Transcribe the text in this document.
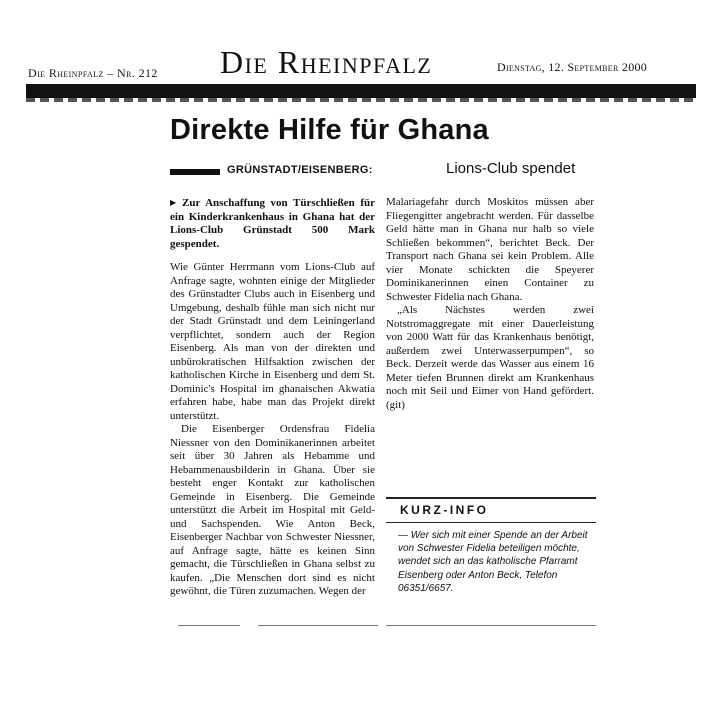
Die Rheinpfalz – Nr. 212 Die Rheinpfalz	Dienstag, 12. September 2000
Direkte Hilfe für Ghana
GRÜNSTADT/EISENBERG:	Lions-Club spendet

▶ Zur Anschaffung von Türschließen für ein Kinderkrankenhaus in Ghana hat der Lions-Club Grünstadt 500 Mark gespendet.

Wie Günter Herrmann vom Lions-Club auf Anfrage sagte, wohnten einige der Mitglieder des Grünstadter Clubs auch in Eisenberg und Umgebung, deshalb fühle man sich nicht nur der Stadt Grünstadt und dem Leiningerland verpflichtet, sondern auch der Region Eisenberg. Als man von der direkten und unbürokratischen Hilfsaktion zwischen der katholischen Kirche in Eisenberg und dem St. Dominic's Hospital im ghanaischen Akwatia erfahren habe, habe man das Projekt direkt unterstützt.

Die Eisenberger Ordensfrau Fidelia Niessner von den Dominikanerinnen arbeitet seit über 30 Jahren als Hebamme und Hebammenausbilderin in Ghana. Über sie besteht enger Kontakt zur katholischen Gemeinde in Eisenberg. Die Gemeinde unterstützt die Arbeit im Hospital mit Geld- und Sachspenden. Wie Anton Beck, Eisenberger Nachbar von Schwester Niessner, auf Anfrage sagte, hätte es keinen Sinn gemacht, die Türschließen in Ghana selbst zu kaufen. „Die Menschen dort sind es nicht gewöhnt, die Türen zuzumachen. Wegen der

Malariagefahr durch Moskitos müssen aber Fliegengitter angebracht werden. Für dasselbe Geld hätte man in Ghana nur halb so viele Schließen bekommen“, berichtet Beck. Der Transport nach Ghana sei kein Problem. Alle vier Monate schickten die Speyerer Dominikanerinnen einen Container zu Schwester Fidelia nach Ghana.

„Als Nächstes werden zwei Notstromaggregate mit einer Dauerleistung von 2000 Watt für das Krankenhaus benötigt, außerdem zwei Unterwasserpumpen“, so Beck. Derzeit werde das Wasser aus einem 16 Meter tiefen Brunnen direkt am Krankenhaus noch mit Seil und Eimer von Hand gefördert. (git)

KURZ-INFO
— Wer sich mit einer Spende an der Arbeit von Schwester Fidelia beteiligen möchte, wendet sich an das katholische Pfarramt Eisenberg oder Anton Beck, Telefon 06351/6657.
